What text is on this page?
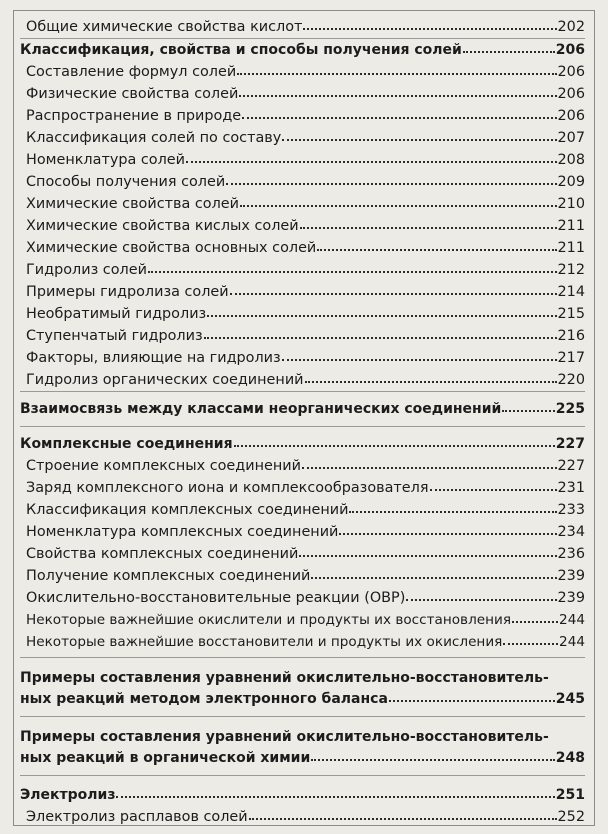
Общие химические свойства кислот	202
Классификация, свойства и способы получения солей	206
Составление формул солей	206
Физические свойства солей	206
Распространение в природе	206
Классификация солей по составу	207
Номенклатура солей	208
Способы получения солей	209
Химические свойства солей	210
Химические свойства кислых солей	211
Химические свойства основных солей	211
Гидролиз солей	212
Примеры гидролиза солей	214
Необратимый гидролиз	215
Ступенчатый гидролиз	216
Факторы, влияющие на гидролиз	217
Гидролиз органических соединений	220
Взаимосвязь между классами неорганических соединений	225
Комплексные соединения	227
Строение комплексных соединений	227
Заряд комплексного иона и комплексообразователя	231
Классификация комплексных соединений	233
Номенклатура комплексных соединений	234
Свойства комплексных соединений	236
Получение комплексных соединений	239
Окислительно-восстановительные реакции (ОВР)	239
Некоторые важнейшие окислители и продукты их восстановления	244
Некоторые важнейшие восстановители и продукты их окисления	244
Примеры составления уравнений окислительно-восстановитель-
ных реакций методом электронного баланса	245
Примеры составления уравнений окислительно-восстановитель-
ных реакций в органической химии	248
Электролиз	251
Электролиз расплавов солей	252
